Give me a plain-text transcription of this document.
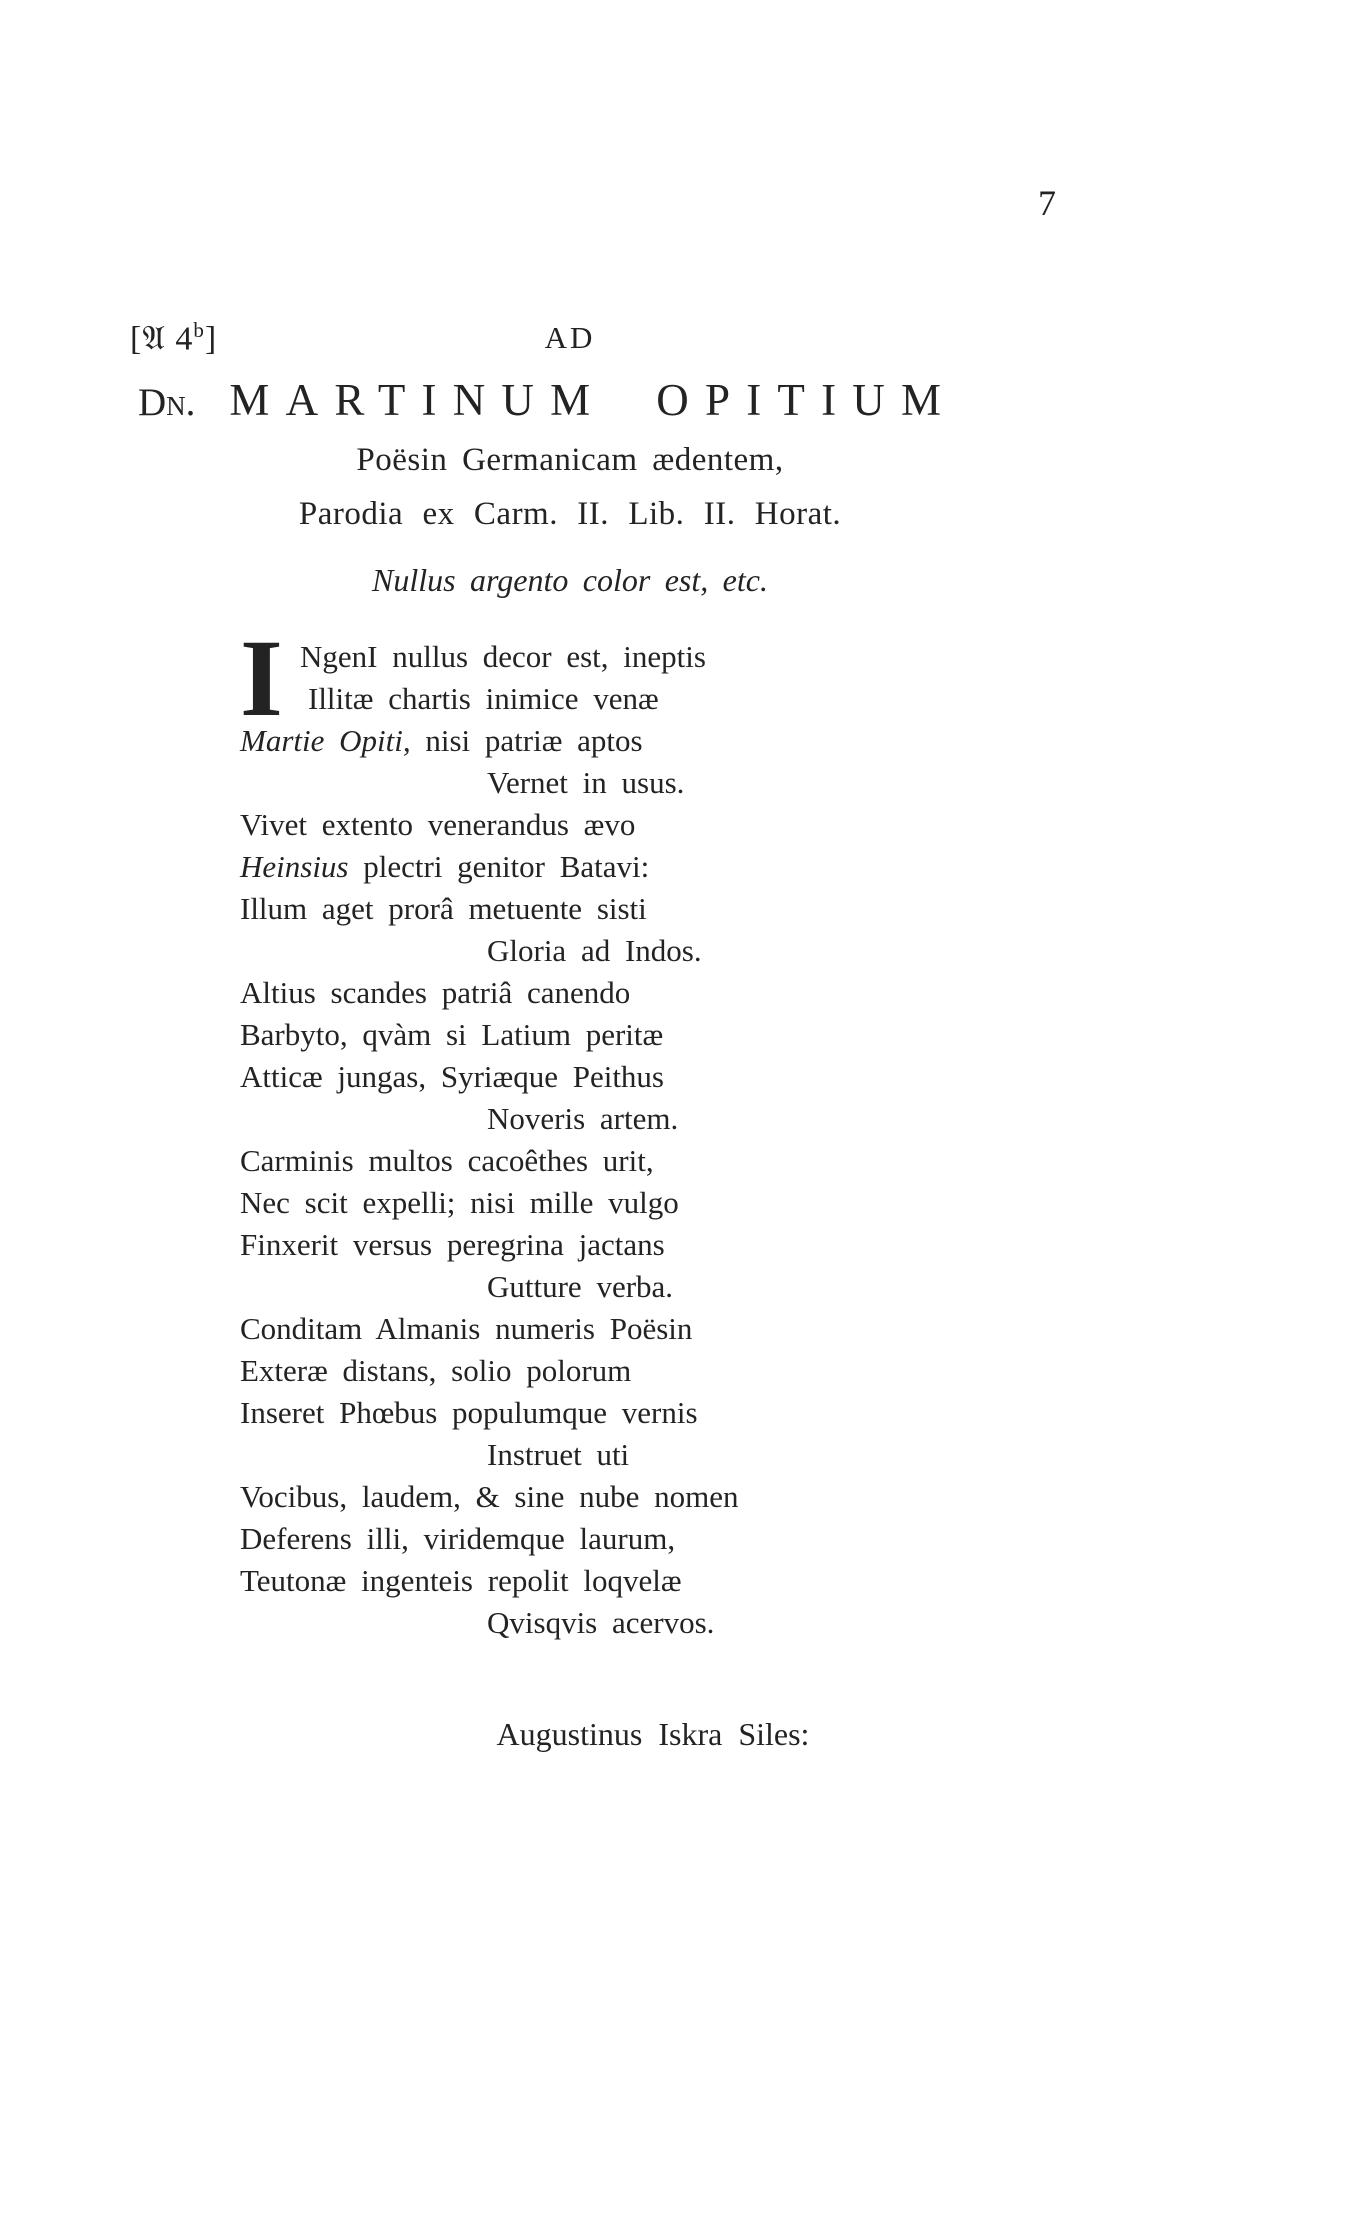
7
[𝔄 4$^b$]	AD
Dn. MARTINUM OPITIUM
Poësin Germanicam ædentem,
Parodia ex Carm. II. Lib. II. Horat.
Nullus argento color est, etc.
I NgenI nullus decor est, ineptis
Illitæ chartis inimice venæ
Martie Opiti, nisi patriæ aptos
Vernet in usus.
Vivet extento venerandus ævo
Heinsius plectri genitor Batavi:
Illum aget prorâ metuente sisti
Gloria ad Indos.
Altius scandes patriâ canendo
Barbyto, qvàm si Latium peritæ
Atticæ jungas, Syriæque Peithus
Noveris artem.
Carminis multos cacoêthes urit,
Nec scit expelli; nisi mille vulgo
Finxerit versus peregrina jactans
Gutture verba.
Conditam Almanis numeris Poësin
Exteræ distans, solio polorum
Inseret Phœbus populumque vernis
Instruet uti
Vocibus, laudem, & sine nube nomen
Deferens illi, viridemque laurum,
Teutonæ ingenteis repolit loqvelæ
Qvisqvis acervos.
Augustinus Iskra Siles:
